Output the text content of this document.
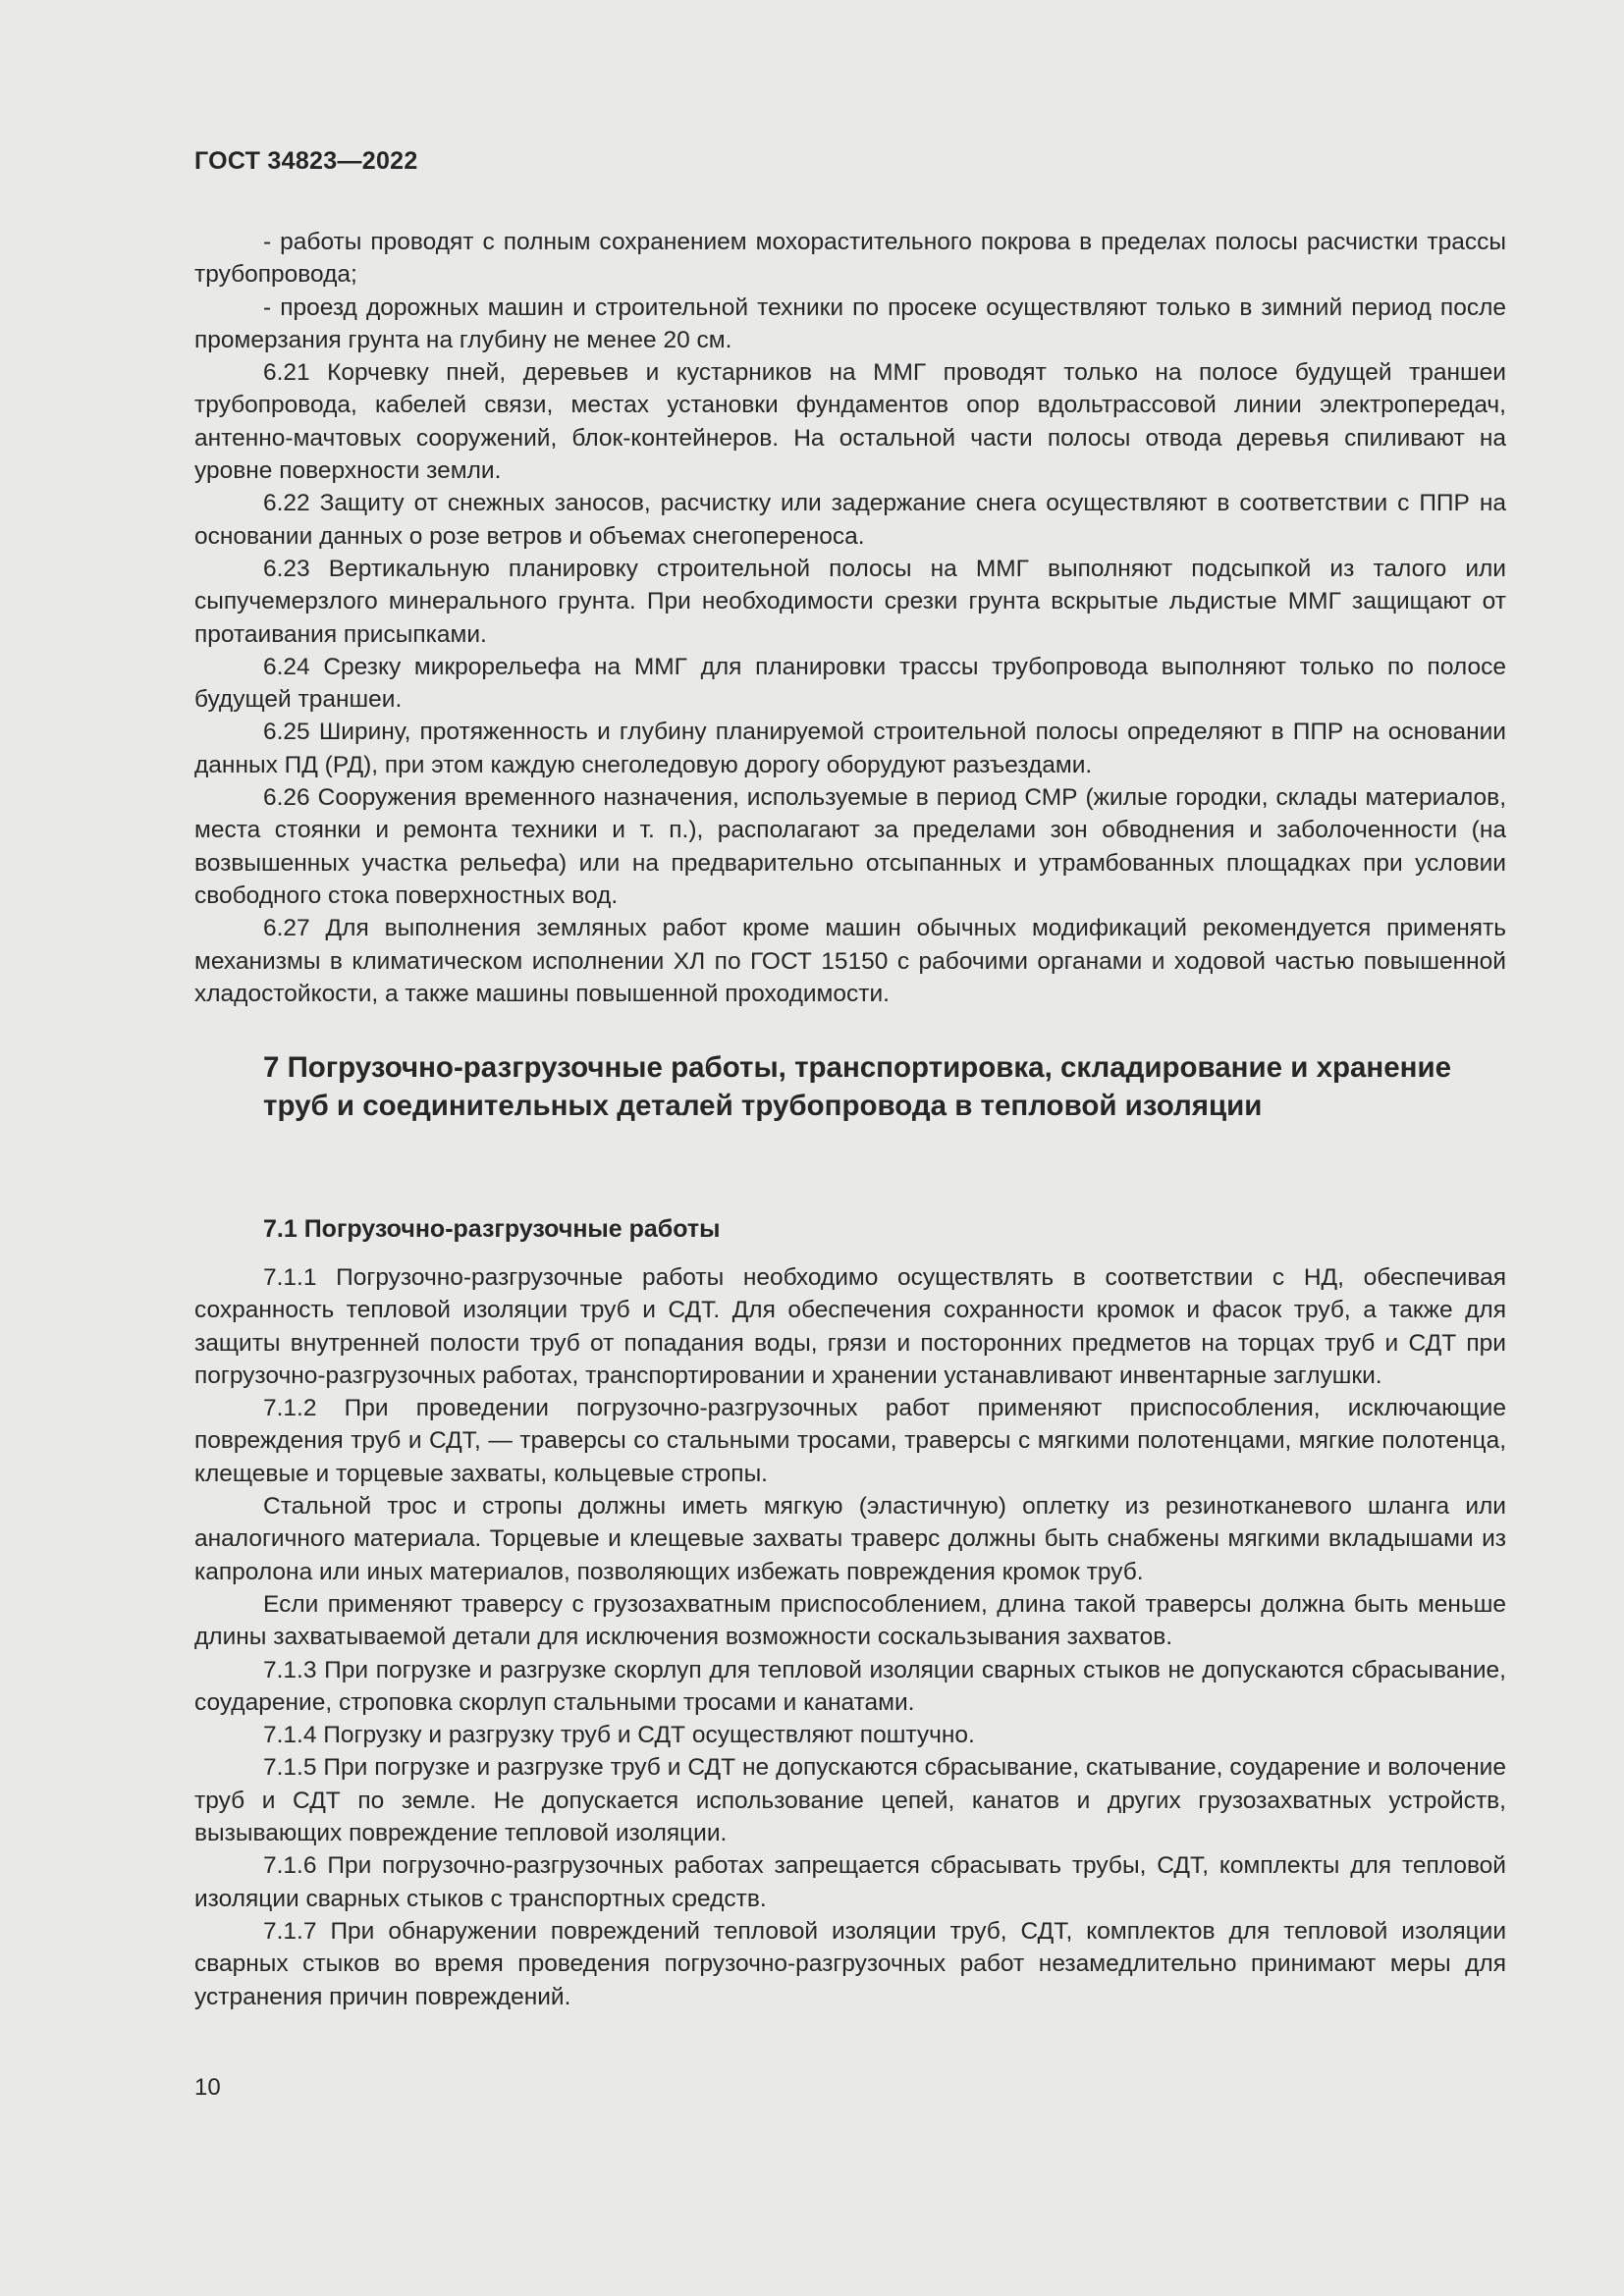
ГОСТ 34823—2022

- работы проводят с полным сохранением мохорастительного покрова в пределах полосы расчистки трассы трубопровода;

- проезд дорожных машин и строительной техники по просеке осуществляют только в зимний период после промерзания грунта на глубину не менее 20 см.

6.21 Корчевку пней, деревьев и кустарников на ММГ проводят только на полосе будущей траншеи трубопровода, кабелей связи, местах установки фундаментов опор вдольтрассовой линии электропередач, антенно-мачтовых сооружений, блок-контейнеров. На остальной части полосы отвода деревья спиливают на уровне поверхности земли.

6.22 Защиту от снежных заносов, расчистку или задержание снега осуществляют в соответствии с ППР на основании данных о розе ветров и объемах снегопереноса.

6.23 Вертикальную планировку строительной полосы на ММГ выполняют подсыпкой из талого или сыпучемерзлого минерального грунта. При необходимости срезки грунта вскрытые льдистые ММГ защищают от протаивания присыпками.

6.24 Срезку микрорельефа на ММГ для планировки трассы трубопровода выполняют только по полосе будущей траншеи.

6.25 Ширину, протяженность и глубину планируемой строительной полосы определяют в ППР на основании данных ПД (РД), при этом каждую снеголедовую дорогу оборудуют разъездами.

6.26 Сооружения временного назначения, используемые в период СМР (жилые городки, склады материалов, места стоянки и ремонта техники и т. п.), располагают за пределами зон обводнения и заболоченности (на возвышенных участка рельефа) или на предварительно отсыпанных и утрамбованных площадках при условии свободного стока поверхностных вод.

6.27 Для выполнения земляных работ кроме машин обычных модификаций рекомендуется применять механизмы в климатическом исполнении ХЛ по ГОСТ 15150 с рабочими органами и ходовой частью повышенной хладостойкости, а также машины повышенной проходимости.

7 Погрузочно-разгрузочные работы, транспортировка, складирование и хранение труб и соединительных деталей трубопровода в тепловой изоляции
7.1 Погрузочно-разгрузочные работы

7.1.1 Погрузочно-разгрузочные работы необходимо осуществлять в соответствии с НД, обеспечивая сохранность тепловой изоляции труб и СДТ. Для обеспечения сохранности кромок и фасок труб, а также для защиты внутренней полости труб от попадания воды, грязи и посторонних предметов на торцах труб и СДТ при погрузочно-разгрузочных работах, транспортировании и хранении устанавливают инвентарные заглушки.

7.1.2 При проведении погрузочно-разгрузочных работ применяют приспособления, исключающие повреждения труб и СДТ, — траверсы со стальными тросами, траверсы с мягкими полотенцами, мягкие полотенца, клещевые и торцевые захваты, кольцевые стропы.

Стальной трос и стропы должны иметь мягкую (эластичную) оплетку из резинотканевого шланга или аналогичного материала. Торцевые и клещевые захваты траверс должны быть снабжены мягкими вкладышами из капролона или иных материалов, позволяющих избежать повреждения кромок труб.

Если применяют траверсу с грузозахватным приспособлением, длина такой траверсы должна быть меньше длины захватываемой детали для исключения возможности соскальзывания захватов.

7.1.3 При погрузке и разгрузке скорлуп для тепловой изоляции сварных стыков не допускаются сбрасывание, соударение, строповка скорлуп стальными тросами и канатами.

7.1.4 Погрузку и разгрузку труб и СДТ осуществляют поштучно.

7.1.5 При погрузке и разгрузке труб и СДТ не допускаются сбрасывание, скатывание, соударение и волочение труб и СДТ по земле. Не допускается использование цепей, канатов и других грузозахватных устройств, вызывающих повреждение тепловой изоляции.

7.1.6 При погрузочно-разгрузочных работах запрещается сбрасывать трубы, СДТ, комплекты для тепловой изоляции сварных стыков с транспортных средств.

7.1.7 При обнаружении повреждений тепловой изоляции труб, СДТ, комплектов для тепловой изоляции сварных стыков во время проведения погрузочно-разгрузочных работ незамедлительно принимают меры для устранения причин повреждений.

10
